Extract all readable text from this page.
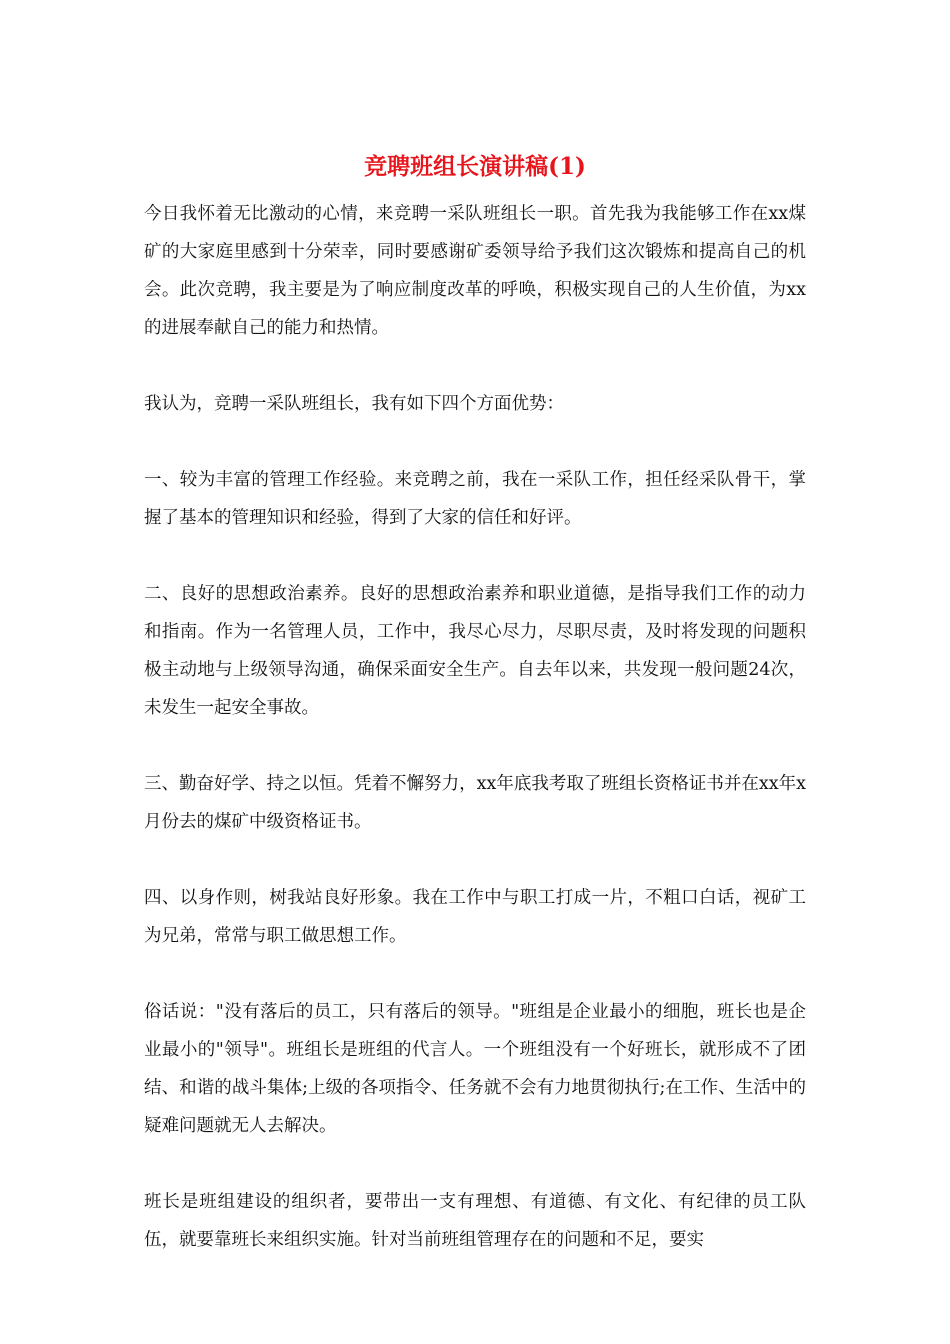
竞聘班组长演讲稿(1)

今日我怀着无比激动的心情，来竞聘一采队班组长一职。首先我为我能够工作在xx煤矿的大家庭里感到十分荣幸，同时要感谢矿委领导给予我们这次锻炼和提高自己的机会。此次竞聘，我主要是为了响应制度改革的呼唤，积极实现自己的人生价值，为xx的进展奉献自己的能力和热情。

我认为，竞聘一采队班组长，我有如下四个方面优势：

一、较为丰富的管理工作经验。来竞聘之前，我在一采队工作，担任经采队骨干，掌握了基本的管理知识和经验，得到了大家的信任和好评。

二、良好的思想政治素养。良好的思想政治素养和职业道德，是指导我们工作的动力和指南。作为一名管理人员，工作中，我尽心尽力，尽职尽责，及时将发现的问题积极主动地与上级领导沟通，确保采面安全生产。自去年以来，共发现一般问题24次，未发生一起安全事故。

三、勤奋好学、持之以恒。凭着不懈努力，xx年底我考取了班组长资格证书并在xx年x月份去的煤矿中级资格证书。

四、以身作则，树我站良好形象。我在工作中与职工打成一片，不粗口白话，视矿工为兄弟，常常与职工做思想工作。

俗话说："没有落后的员工，只有落后的领导。"班组是企业最小的细胞，班长也是企业最小的"领导"。班组长是班组的代言人。一个班组没有一个好班长，就形成不了团结、和谐的战斗集体;上级的各项指令、任务就不会有力地贯彻执行;在工作、生活中的疑难问题就无人去解决。

班长是班组建设的组织者，要带出一支有理想、有道德、有文化、有纪律的员工队伍，就要靠班长来组织实施。针对当前班组管理存在的问题和不足，要实
